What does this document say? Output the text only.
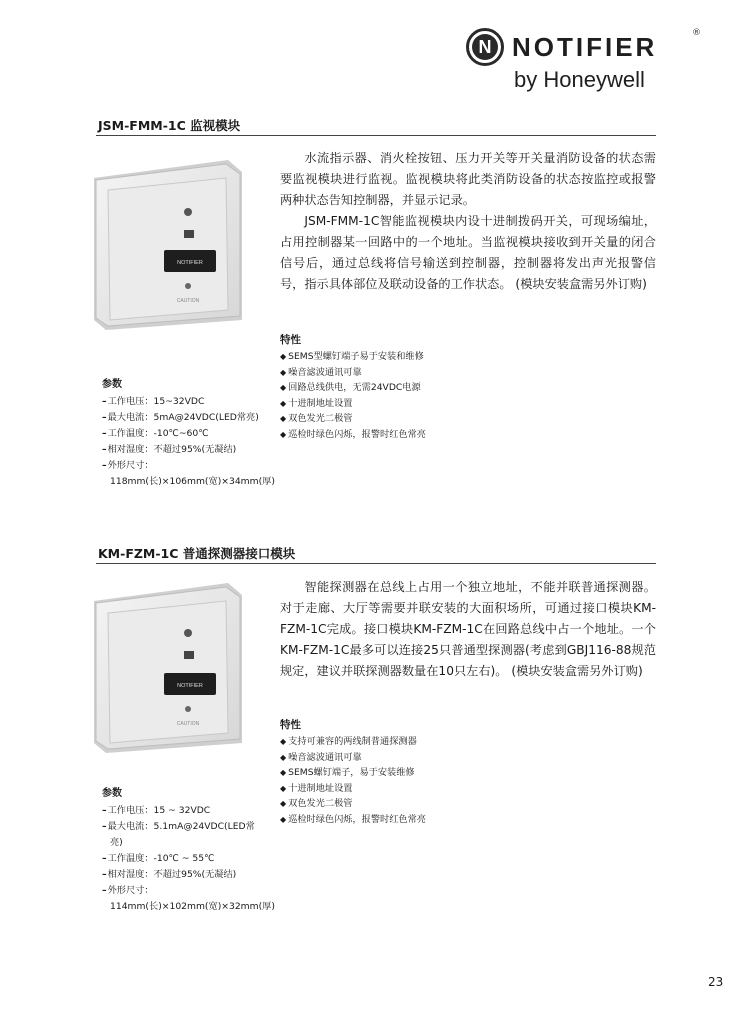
N NOTIFIER	®
by Honeywell
JSM-FMM-1C 监视模块
NOTIFIER
CAUTION

水流指示器、消火栓按钮、压力开关等开关量消防设备的状态需要监视模块进行监视。监视模块将此类消防设备的状态按监控或报警两种状态告知控制器，并显示记录。

JSM-FMM-1C智能监视模块内设十进制拨码开关，可现场编址，占用控制器某一回路中的一个地址。当监视模块接收到开关量的闭合信号后，通过总线将信号输送到控制器，控制器将发出声光报警信号，指示具体部位及联动设备的工作状态。 (模块安装盒需另外订购)

特性
◆ SEMS型螺钉端子易于安装和维修
◆ 噪音滤波通讯可靠
◆ 回路总线供电，无需24VDC电源
◆ 十进制地址设置
◆ 双色发光二极管
◆ 巡检时绿色闪烁，报警时红色常亮
参数
– 工作电压：15~32VDC
– 最大电流：5mA@24VDC(LED常亮)
– 工作温度：-10℃~60℃
– 相对湿度：不超过95%(无凝结)
– 外形尺寸：118mm(长)×106mm(宽)×34mm(厚)
KM-FZM-1C 普通探测器接口模块
NOTIFIER
CAUTION

智能探测器在总线上占用一个独立地址，不能并联普通探测器。对于走廊、大厅等需要并联安装的大面积场所，可通过接口模块KM-FZM-1C完成。接口模块KM-FZM-1C在回路总线中占一个地址。一个KM-FZM-1C最多可以连接25只普通型探测器(考虑到GBJ116-88规范规定，建议并联探测器数量在10只左右)。 (模块安装盒需另外订购)

特性
◆ 支持可兼容的两线制普通探测器
◆ 噪音滤波通讯可靠
◆ SEMS螺钉端子，易于安装维修
◆ 十进制地址设置
◆ 双色发光二极管
◆ 巡检时绿色闪烁，报警时红色常亮
参数
– 工作电压：15 ~ 32VDC
– 最大电流：5.1mA@24VDC(LED常亮)
– 工作温度：-10℃ ~ 55℃
– 相对湿度：不超过95%(无凝结)
– 外形尺寸：114mm(长)×102mm(宽)×32mm(厚)
23
